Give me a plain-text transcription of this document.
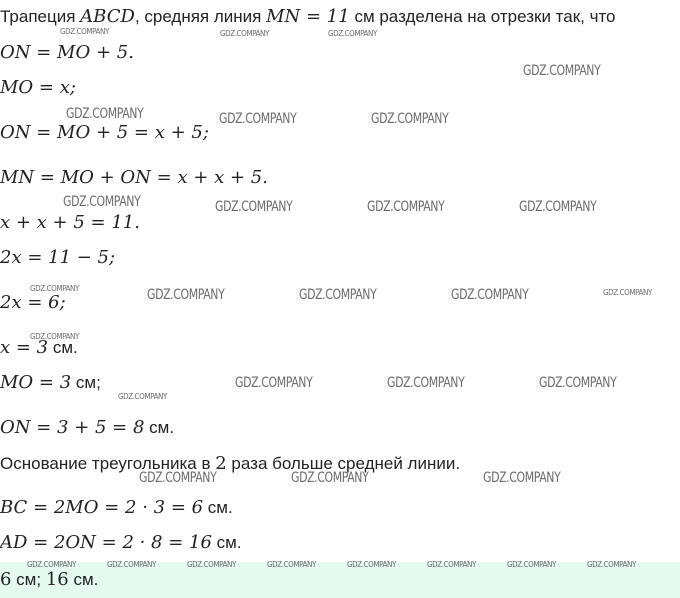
Трапеция ABCD, средняя линия MN = 11 см разделена на отрезки так, что
ON = MO + 5.
MO = x;
ON = MO + 5 = x + 5;
MN = MO + ON = x + x + 5.
x + x + 5 = 11.
2x = 11 − 5;
2x = 6;
x = 3 см.
MO = 3 см;
ON = 3 + 5 = 8 см.
Основание треугольника в 2 раза больше средней линии.
BC = 2MO = 2 · 3 = 6 см.
AD = 2ON = 2 · 8 = 16 см.
6 см; 16 см.
GDZ.COMPANY	GDZ.COMPANY	GDZ.COMPANY
GDZ.COMPANY
GDZ.COMPANY	GDZ.COMPANY	GDZ.COMPANY
GDZ.COMPANY	GDZ.COMPANY	GDZ.COMPANY	GDZ.COMPANY
GDZ.COMPANY	GDZ.COMPANY	GDZ.COMPANY	GDZ.COMPANY	GDZ.COMPANY
GDZ.COMPANY
GDZ.COMPANY
GDZ.COMPANY	GDZ.COMPANY	GDZ.COMPANY
GDZ.COMPANY	GDZ.COMPANY	GDZ.COMPANY
GDZ.COMPANY	GDZ.COMPANY	GDZ.COMPANY	GDZ.COMPANY	GDZ.COMPANY	GDZ.COMPANY	GDZ.COMPANY	GDZ.COMPANY
